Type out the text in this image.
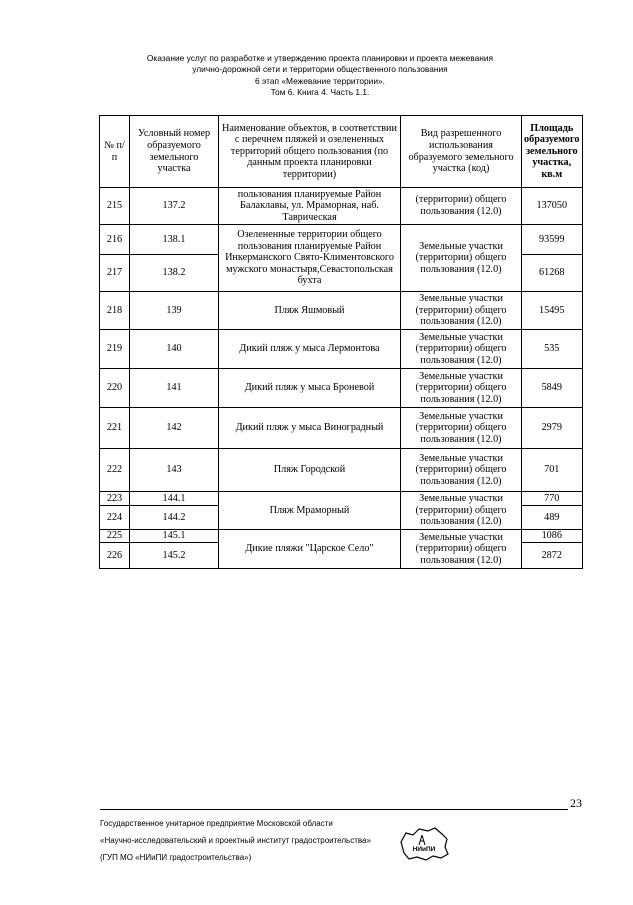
Оказание услуг по разработке и утверждению проекта планировки и проекта межевания
улично-дорожной сети и территории общественного пользования
6 этап «Межевание территории».
Том 6. Книга 4. Часть 1.1.
№ п/п	Условный номер образуемого земельного участка	Наименование объектов, в соответствии с перечнем пляжей и озелененных территорий общего пользования (по данным проекта планировки территории)	Вид разрешенного использования образуемого земельного участка (код)	Площадь образуемого земельного участка, кв.м
215	137.2	пользования планируемые Район Балаклавы, ул. Мраморная, наб. Таврическая	(территории) общего пользования (12.0)	137050
216	138.1	Озелененные территории общего пользования планируемые Район Инкерманского Свято-Климентовского мужского монастыря,Севастопольская бухта	Земельные участки (территории) общего пользования (12.0)	93599
217	138.2			61268
218	139	Пляж Яшмовый	Земельные участки (территории) общего пользования (12.0)	15495
219	140	Дикий пляж у мыса Лермонтова	Земельные участки (территории) общего пользования (12.0)	535
220	141	Дикий пляж у мыса Броневой	Земельные участки (территории) общего пользования (12.0)	5849
221	142	Дикий пляж у мыса Виноградный	Земельные участки (территории) общего пользования (12.0)	2979
222	143	Пляж Городской	Земельные участки (территории) общего пользования (12.0)	701
223	144.1	Пляж Мраморный	Земельные участки (территории) общего пользования (12.0)	770
224	144.2			489
225	145.1	Дикие пляжи "Царское Село"	Земельные участки (территории) общего пользования (12.0)	1086
226	145.2			2872
23
Государственное унитарное предприятие Московской области
«Научно-исследовательский и проектный институт градостроительства»
(ГУП МО «НИиПИ градостроительства»)
НИиПИ
